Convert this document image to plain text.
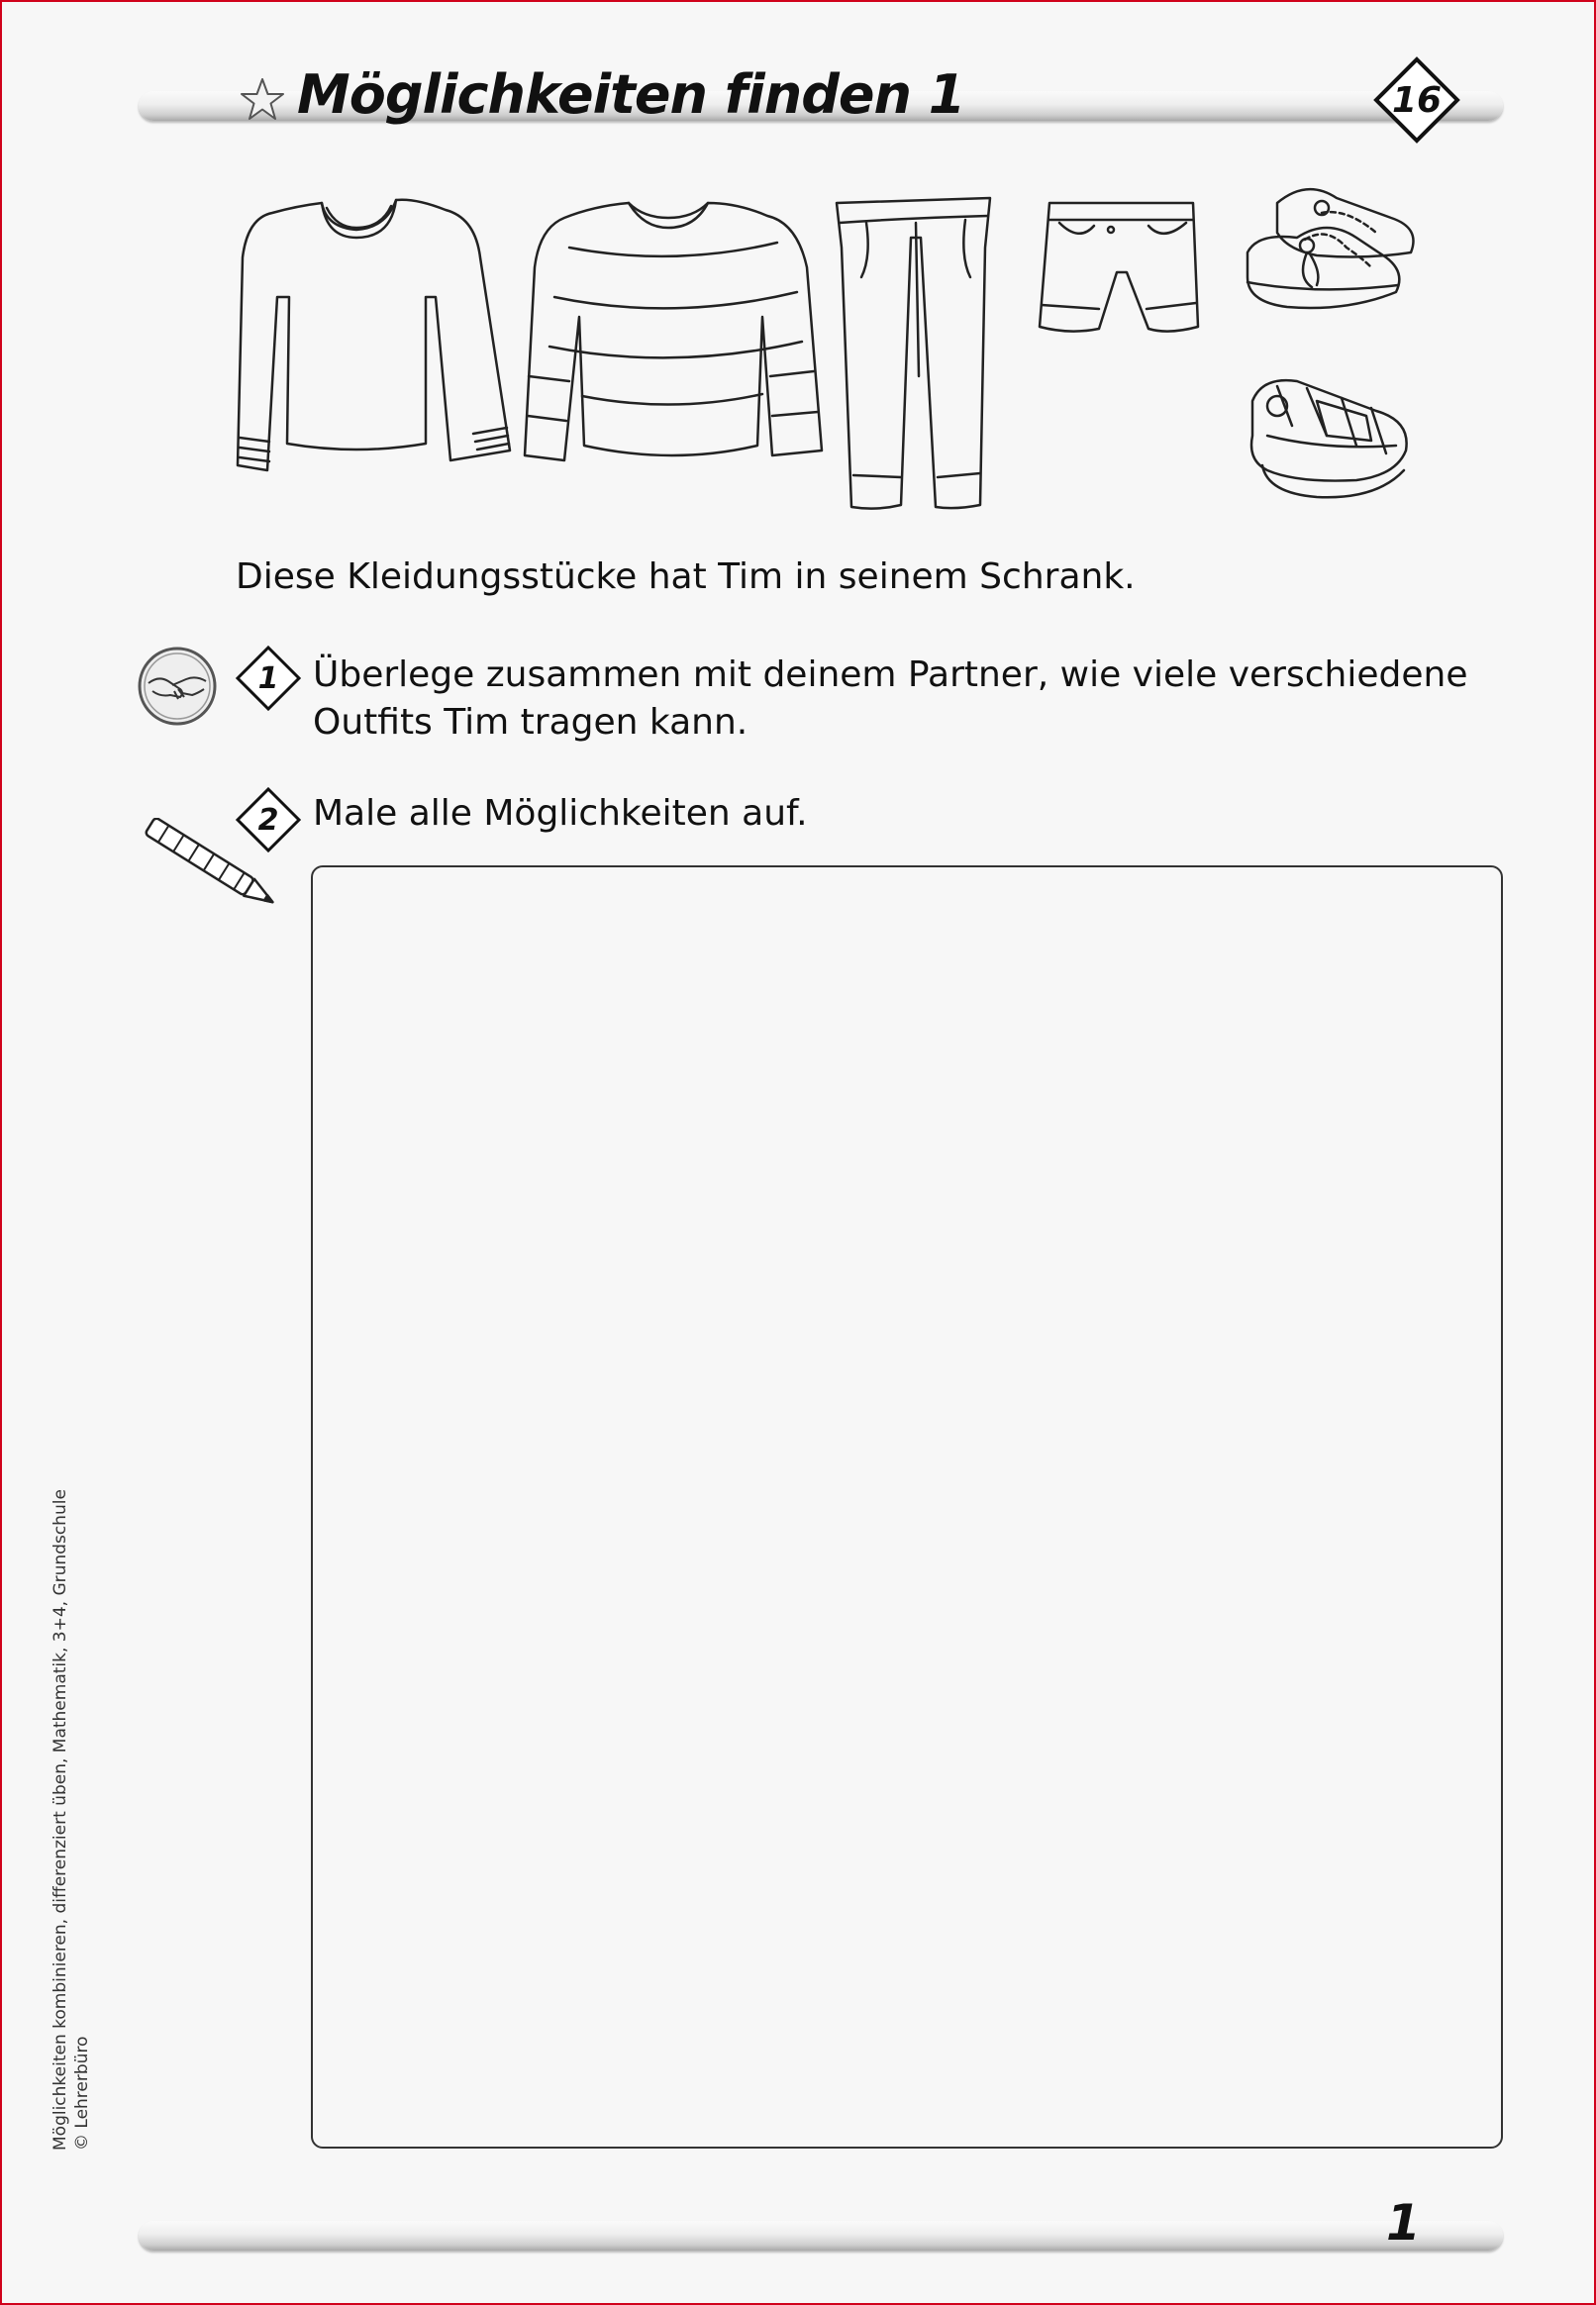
Möglichkeiten finden 1	16
Diese Kleidungsstücke hat Tim in seinem Schrank.
1 Überlege zusammen mit deinem Partner, wie viele verschiedene
Outfits Tim tragen kann.
2 Male alle Möglichkeiten auf.
Möglichkeiten kombinieren, differenziert üben, Mathematik, 3+4, Grundschule © Lehrerbüro
1
